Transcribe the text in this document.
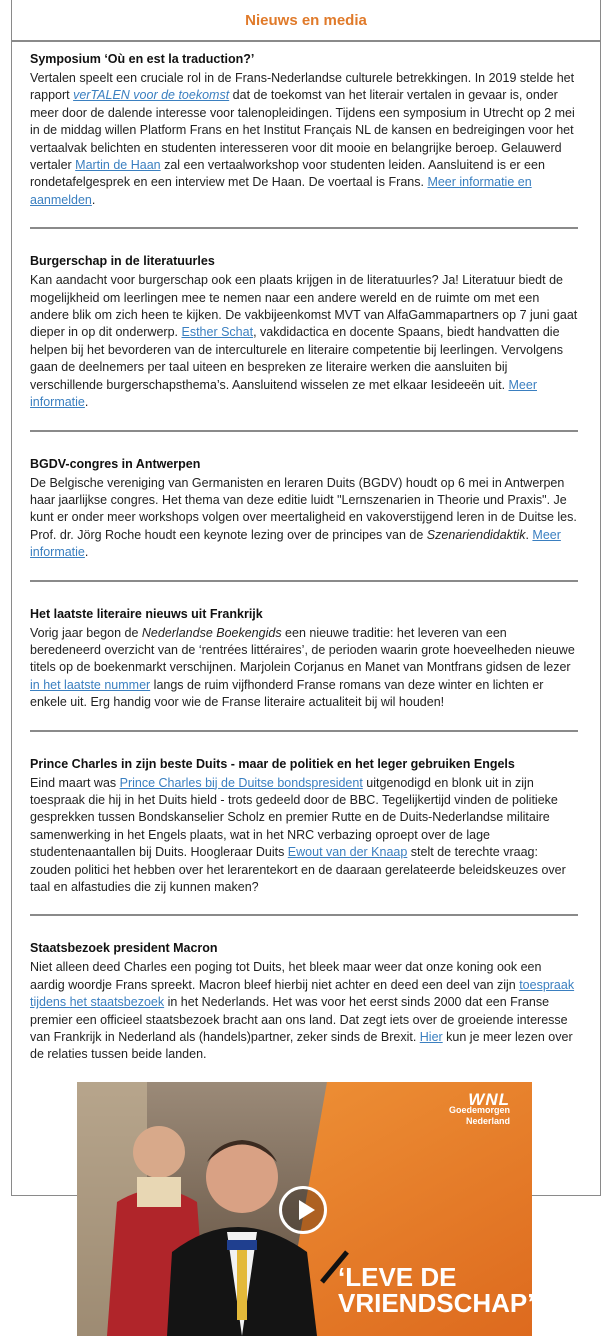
Nieuws en media
Symposium ‘Où en est la traduction?’

Vertalen speelt een cruciale rol in de Frans-Nederlandse culturele betrekkingen. In 2019 stelde het rapport verTALEN voor de toekomst dat de toekomst van het literair vertalen in gevaar is, onder meer door de dalende interesse voor talenopleidingen. Tijdens een symposium in Utrecht op 2 mei in de middag willen Platform Frans en het Institut Français NL de kansen en bedreigingen voor het vertaalvak belichten en studenten interesseren voor dit mooie en belangrijke beroep. Gelauwerd vertaler Martin de Haan zal een vertaalworkshop voor studenten leiden. Aansluitend is er een rondetafelgesprek en een interview met De Haan. De voertaal is Frans. Meer informatie en aanmelden.

Burgerschap in de literatuurles

Kan aandacht voor burgerschap ook een plaats krijgen in de literatuurles? Ja! Literatuur biedt de mogelijkheid om leerlingen mee te nemen naar een andere wereld en de ruimte om met een andere blik om zich heen te kijken. De vakbijeenkomst MVT van AlfaGammapartners op 7 juni gaat dieper in op dit onderwerp. Esther Schat, vakdidactica en docente Spaans, biedt handvatten die helpen bij het bevorderen van de interculturele en literaire competentie bij leerlingen. Vervolgens gaan de deelnemers per taal uiteen en bespreken ze literaire werken die aansluiten bij verschillende burgerschapsthema’s. Aansluitend wisselen ze met elkaar Iesideeën uit. Meer informatie.

BGDV-congres in Antwerpen

De Belgische vereniging van Germanisten en leraren Duits (BGDV) houdt op 6 mei in Antwerpen haar jaarlijkse congres. Het thema van deze editie luidt "Lernszenarien in Theorie und Praxis". Je kunt er onder meer workshops volgen over meertaligheid en vakoverstijgend leren in de Duitse les. Prof. dr. Jörg Roche houdt een keynote lezing over de principes van de Szenariendidaktik. Meer informatie.

Het laatste literaire nieuws uit Frankrijk

Vorig jaar begon de Nederlandse Boekengids een nieuwe traditie: het leveren van een beredeneerd overzicht van de ‘rentrées littéraires’, de perioden waarin grote hoeveelheden nieuwe titels op de boekenmarkt verschijnen. Marjolein Corjanus en Manet van Montfrans gidsen de lezer in het laatste nummer langs de ruim vijfhonderd Franse romans van deze winter en lichten er enkele uit. Erg handig voor wie de Franse literaire actualiteit bij wil houden!

Prince Charles in zijn beste Duits - maar de politiek en het leger gebruiken Engels

Eind maart was Prince Charles bij de Duitse bondspresident uitgenodigd en blonk uit in zijn toespraak die hij in het Duits hield - trots gedeeld door de BBC. Tegelijkertijd vinden de politieke gesprekken tussen Bondskanselier Scholz en premier Rutte en de Duits-Nederlandse militaire samenwerking in het Engels plaats, wat in het NRC verbazing oproept over de lage studentenaantallen bij Duits. Hoogleraar Duits Ewout van der Knaap stelt de terechte vraag: zouden politici het hebben over het lerarentekort en de daaraan gerelateerde beleidskeuzes over taal en alfastudies die zij kunnen maken?

Staatsbezoek president Macron

Niet alleen deed Charles een poging tot Duits, het bleek maar weer dat onze koning ook een aardig woordje Frans spreekt. Macron bleef hierbij niet achter en deed een deel van zijn toespraak tijdens het staatsbezoek in het Nederlands. Het was voor het eerst sinds 2000 dat een Franse premier een officieel staatsbezoek bracht aan ons land. Dat zegt iets over de groeiende interesse van Frankrijk in Nederland als (handels)partner, zeker sinds de Brexit. Hier kun je meer lezen over de relaties tussen beide landen.

WNL
Goedemorgen
Nederland
‘LEVE DE
VRIENDSCHAP’
